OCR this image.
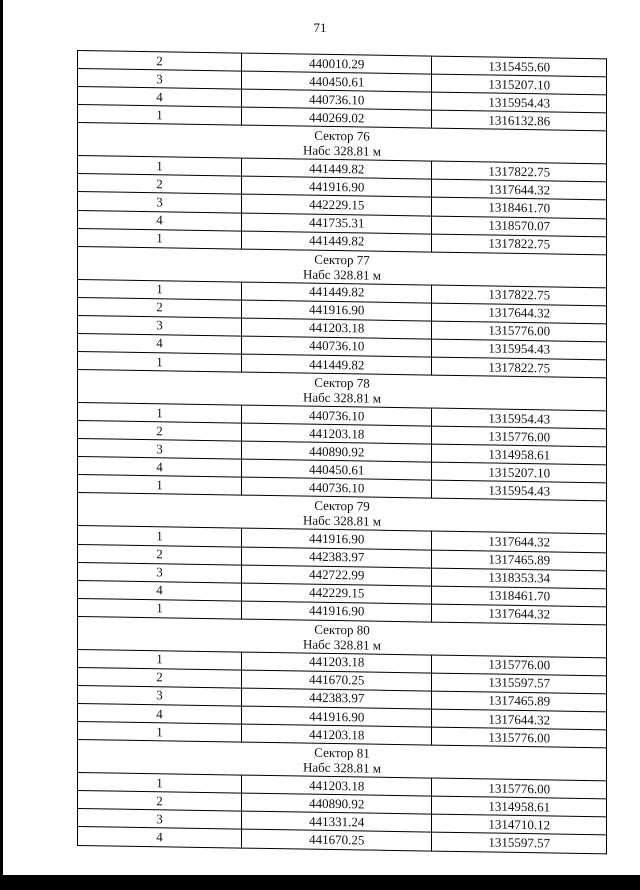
71
2	440010.29	1315455.60
3	440450.61	1315207.10
4	440736.10	1315954.43
1	440269.02	1316132.86

Сектор 76
Набс 328.81 м		

1	441449.82	1317822.75
2	441916.90	1317644.32
3	442229.15	1318461.70
4	441735.31	1318570.07
1	441449.82	1317822.75

Сектор 77
Набс 328.81 м		

1	441449.82	1317822.75
2	441916.90	1317644.32
3	441203.18	1315776.00
4	440736.10	1315954.43
1	441449.82	1317822.75

Сектор 78
Набс 328.81 м		

1	440736.10	1315954.43
2	441203.18	1315776.00
3	440890.92	1314958.61
4	440450.61	1315207.10
1	440736.10	1315954.43

Сектор 79
Набс 328.81 м		

1	441916.90	1317644.32
2	442383.97	1317465.89
3	442722.99	1318353.34
4	442229.15	1318461.70
1	441916.90	1317644.32

Сектор 80
Набс 328.81 м		

1	441203.18	1315776.00
2	441670.25	1315597.57
3	442383.97	1317465.89
4	441916.90	1317644.32
1	441203.18	1315776.00

Сектор 81
Набс 328.81 м		

1	441203.18	1315776.00
2	440890.92	1314958.61
3	441331.24	1314710.12
4	441670.25	1315597.57
